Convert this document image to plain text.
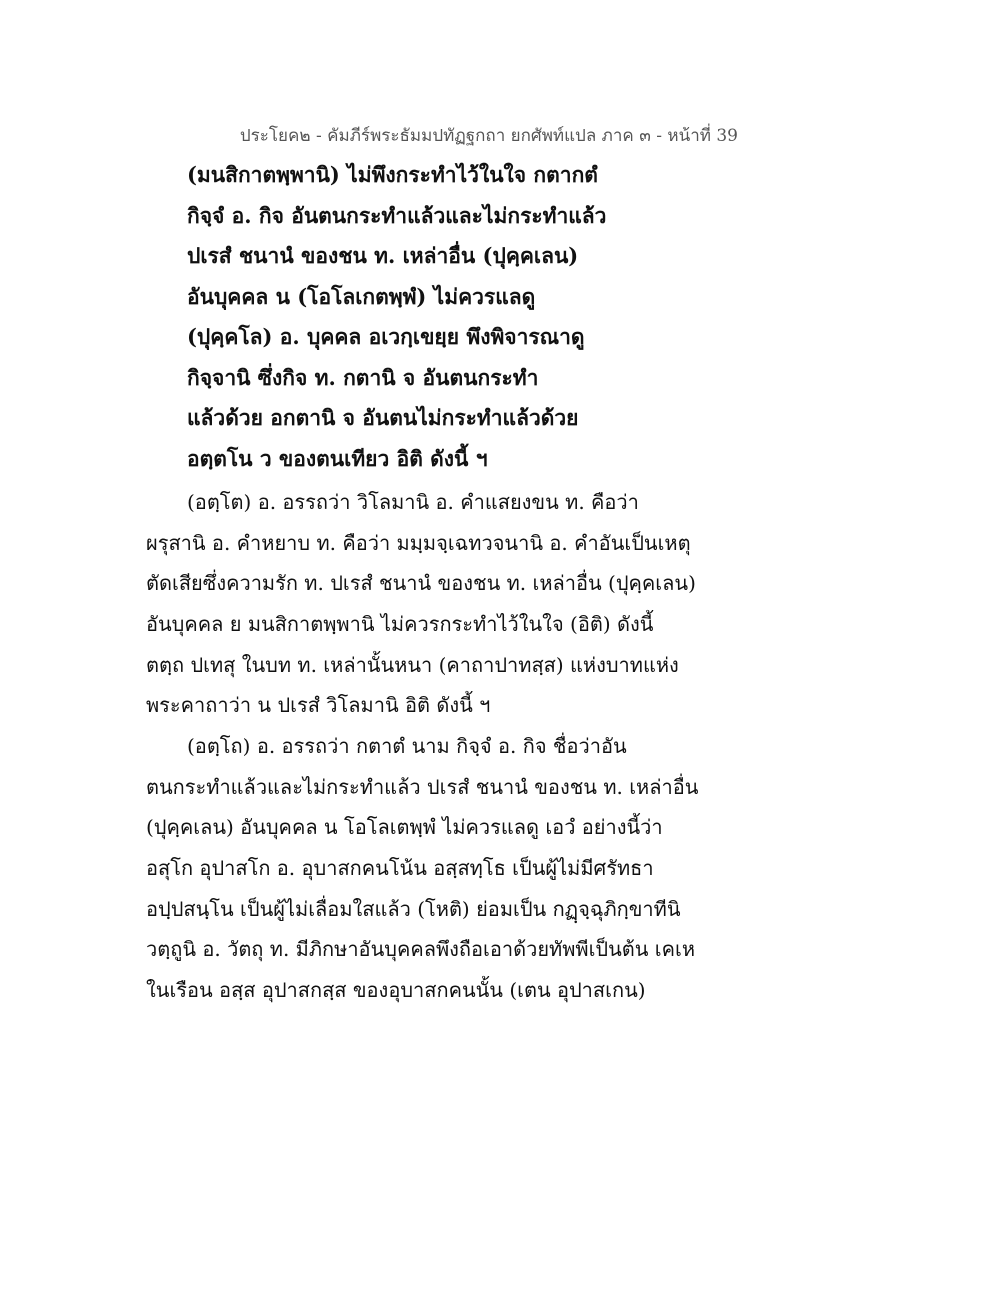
ประโยค๒ - คัมภีร์พระธัมมปทัฏฐกถา ยกศัพท์แปล ภาค ๓ - หน้าที่ 39
(มนสิกาตพฺพานิ) ไม่พึงกระทำไว้ในใจ กตากตํ
กิจฺจํ อ. กิจ อันตนกระทำแล้วและไม่กระทำแล้ว
ปเรสํ ชนานํ ของชน ท. เหล่าอื่น (ปุคฺคเลน)
อันบุคคล น (โอโลเกตพฺพํ) ไม่ควรแลดู
(ปุคฺคโล) อ. บุคคล อเวกฺเขยฺย พึงพิจารณาดู
กิจฺจานิ ซึ่งกิจ ท. กตานิ จ อันตนกระทำ
แล้วด้วย อกตานิ จ อันตนไม่กระทำแล้วด้วย
อตฺตโน ว ของตนเทียว อิติ ดังนี้ ฯ
(อตฺโต) อ. อรรถว่า วิโลมานิ อ. คำแสยงขน ท. คือว่า
ผรุสานิ อ. คำหยาบ ท. คือว่า มมฺมจฺเฉทวจนานิ อ. คำอันเป็นเหตุ
ตัดเสียซึ่งความรัก ท. ปเรสํ ชนานํ ของชน ท. เหล่าอื่น (ปุคฺคเลน)
อันบุคคล ย มนสิกาตพฺพานิ ไม่ควรกระทำไว้ในใจ (อิติ) ดังนี้
ตตฺถ ปเทสุ ในบท ท. เหล่านั้นหนา (คาถาปาทสฺส) แห่งบาทแห่ง
พระคาถาว่า น ปเรสํ วิโลมานิ อิติ ดังนี้ ฯ
(อตฺโถ) อ. อรรถว่า กตาตํ นาม กิจฺจํ อ. กิจ ชื่อว่าอัน
ตนกระทำแล้วและไม่กระทำแล้ว ปเรสํ ชนานํ ของชน ท. เหล่าอื่น
(ปุคฺคเลน) อันบุคคล น โอโลเตพฺพํ ไม่ควรแลดู เอวํ อย่างนี้ว่า
อสุโก อุปาสโก อ. อุบาสกคนโน้น อสฺสทฺโธ เป็นผู้ไม่มีศรัทธา
อปฺปสนฺโน เป็นผู้ไม่เลื่อมใสแล้ว (โหติ) ย่อมเป็น กฏฺจฺฉุภิกฺขาทีนิ
วตฺถูนิ อ. วัตถุ ท. มีภิกษาอันบุคคลพึงถือเอาด้วยทัพพีเป็นต้น เคเห
ในเรือน อสฺส อุปาสกสฺส ของอุบาสกคนนั้น (เตน อุปาสเกน)
